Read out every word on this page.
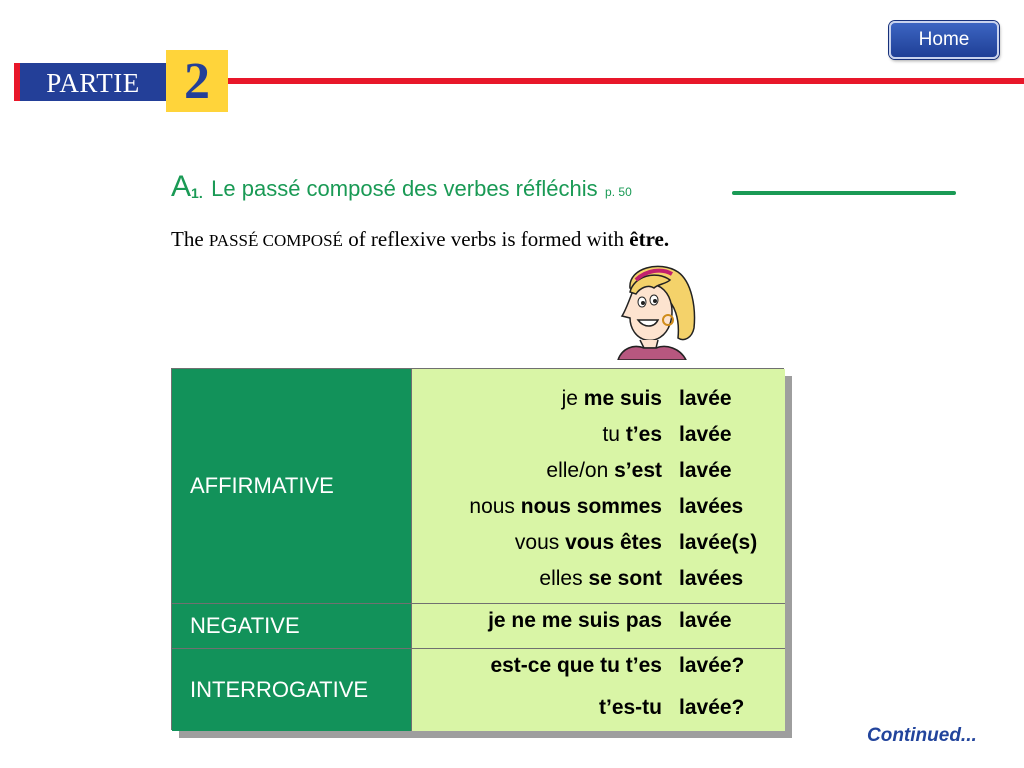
Home
PARTIE 2
A1. Le passé composé des verbes réfléchis p. 50
The PASSÉ COMPOSÉ of reflexive verbs is formed with être.
AFFIRMATIVE
je me suis lavée
tu t’es lavée
elle/on s’est lavée
nous nous sommes lavées
vous vous êtes lavée(s)
elles se sont lavées
NEGATIVE	je ne me suis pas lavée
INTERROGATIVE
est-ce que tu t’es lavée?
t’es-tu lavée?
Continued...
